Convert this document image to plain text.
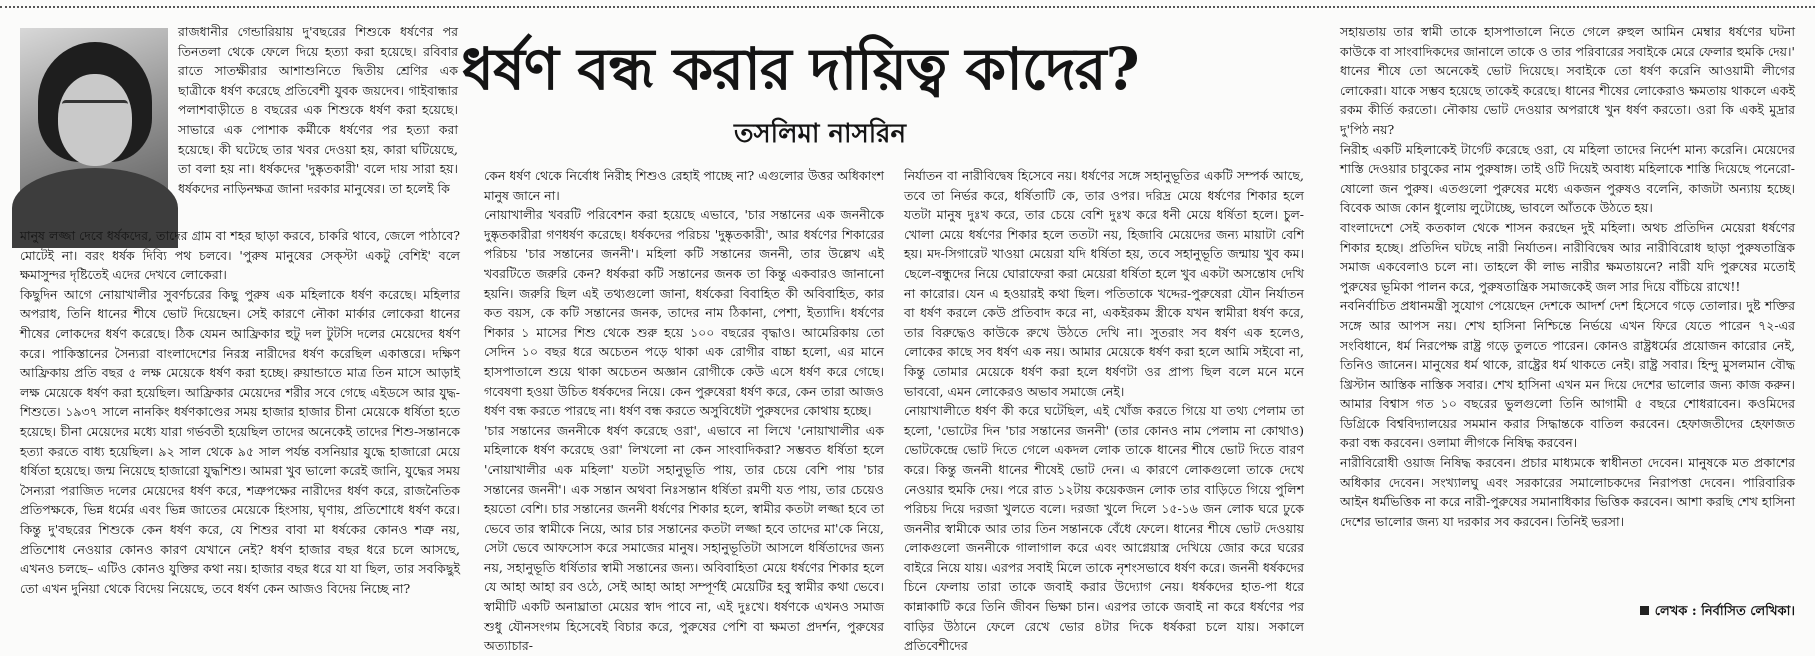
রাজধানীর গেন্ডারিয়ায় দু'বছরের শিশুকে ধর্ষণের পর তিনতলা থেকে ফেলে দিয়ে হত্যা করা হয়েছে। রবিবার রাতে সাতক্ষীরার আশাশুনিতে দ্বিতীয় শ্রেণির এক ছাত্রীকে ধর্ষণ করেছে প্রতিবেশী যুবক জয়দেব। গাইবান্ধার পলাশবাড়ীতে ৪ বছরের এক শিশুকে ধর্ষণ করা হয়েছে। সাভারে এক পোশাক কর্মীকে ধর্ষণের পর হত্যা করা হয়েছে। কী ঘটেছে তার খবর দেওয়া হয়, কারা ঘটিয়েছে, তা বলা হয় না। ধর্ষকদের 'দুষ্কৃতকারী' বলে দায় সারা হয়। ধর্ষকদের নাড়িনক্ষত্র জানা দরকার মানুষের। তা হলেই কি

মানুষ লজ্জা দেবে ধর্ষকদের, তাদের গ্রাম বা শহর ছাড়া করবে, চাকরি থাবে, জেলে পাঠাবে? মোটেই না। বরং ধর্ষক দিব্যি পথ চলবে। 'পুরুষ মানুষের সেক্স্টা একটু বেশিই' বলে ক্ষমাসুন্দর দৃষ্টিতেই এদের দেখবে লোকেরা।

কিছুদিন আগে নোয়াখালীর সুবর্ণচরের কিছু পুরুষ এক মহিলাকে ধর্ষণ করেছে। মহিলার অপরাধ, তিনি ধানের শীষে ভোট দিয়েছেন। সেই কারণে নৌকা মার্কার লোকেরা ধানের শীষের লোকদের ধর্ষণ করেছে। ঠিক যেমন আফ্রিকার হুটু দল টুটসি দলের মেয়েদের ধর্ষণ করে। পাকিস্তানের সৈন্যরা বাংলাদেশের নিরস্ত্র নারীদের ধর্ষণ করেছিল একাত্তরে। দক্ষিণ আফ্রিকায় প্রতি বছর ৫ লক্ষ মেয়েকে ধর্ষণ করা হচ্ছে। রুয়ান্ডাতে মাত্র তিন মাসে আড়াই লক্ষ মেয়েকে ধর্ষণ করা হয়েছিল। আফ্রিকার মেয়েদের শরীর সবে গেছে এইডসে আর যুদ্ধ-শিশুতে। ১৯৩৭ সালে নানকিং ধর্ষণকাণ্ডের সময় হাজার হাজার চীনা মেয়েকে ধর্ষিতা হতে হয়েছে। চীনা মেয়েদের মধ্যে যারা গর্ভবতী হয়েছিল তাদের অনেকেই তাদের শিশু-সন্তানকে হত্যা করতে বাধ্য হয়েছিল। ৯২ সাল থেকে ৯৫ সাল পর্যন্ত বসনিয়ার যুদ্ধে হাজারো মেয়ে ধর্ষিতা হয়েছে। জন্ম নিয়েছে হাজারো যুদ্ধশিশু। আমরা খুব ভালো করেই জানি, যুদ্ধের সময় সৈন্যরা পরাজিত দলের মেয়েদের ধর্ষণ করে, শত্রুপক্ষের নারীদের ধর্ষণ করে, রাজনৈতিক প্রতিপক্ষকে, ভিন্ন ধর্মের এবং ভিন্ন জাতের মেয়েকে হিংসায়, ঘৃণায়, প্রতিশোধে ধর্ষণ করে। কিন্তু দু'বছরের শিশুকে কেন ধর্ষণ করে, যে শিশুর বাবা মা ধর্ষকের কোনও শত্রু নয়, প্রতিশোধ নেওয়ার কোনও কারণ যেখানে নেই? ধর্ষণ হাজার বছর ধরে চলে আসছে, এখনও চলছে– এটিও কোনও যুক্তির কথা নয়। হাজার বছর ধরে যা যা ছিল, তার সবকিছুই তো এখন দুনিয়া থেকে বিদেয় নিয়েছে, তবে ধর্ষণ কেন আজও বিদেয় নিচ্ছে না?

ধর্ষণ বন্ধ করার দায়িত্ব কাদের?
তসলিমা নাসরিন

কেন ধর্ষণ থেকে নির্বোধ নিরীহ শিশুও রেহাই পাচ্ছে না? এগুলোর উত্তর অধিকাংশ মানুষ জানে না।

নোয়াখালীর খবরটি পরিবেশন করা হয়েছে এভাবে, 'চার সন্তানের এক জননীকে দুষ্কৃতকারীরা গণধর্ষণ করেছে। ধর্ষকদের পরিচয় 'দুষ্কৃতকারী', আর ধর্ষণের শিকারের পরিচয় 'চার সন্তানের জননী'। মহিলা কটি সন্তানের জননী, তার উল্লেখ এই খবরটিতে জরুরি কেন? ধর্ষকরা কটি সন্তানের জনক তা কিন্তু একবারও জানানো হয়নি। জরুরি ছিল এই তথ্যগুলো জানা, ধর্ষকেরা বিবাহিত কী অবিবাহিত, কার কত বয়স, কে কটি সন্তানের জনক, তাদের নাম ঠিকানা, পেশা, ইত্যাদি। ধর্ষণের শিকার ১ মাসের শিশু থেকে শুরু হয়ে ১০০ বছরের বৃদ্ধাও। আমেরিকায় তো সেদিন ১০ বছর ধরে অচেতন পড়ে থাকা এক রোগীর বাচ্চা হলো, এর মানে হাসপাতালে শুয়ে থাকা অচেতন অজ্ঞান রোগীকে কেউ এসে ধর্ষণ করে গেছে। গবেষণা হওয়া উচিত ধর্ষকদের নিয়ে। কেন পুরুষেরা ধর্ষণ করে, কেন তারা আজও ধর্ষণ বন্ধ করতে পারছে না। ধর্ষণ বন্ধ করতে অসুবিধেটা পুরুষদের কোথায় হচ্ছে।

'চার সন্তানের জননীকে ধর্ষণ করেছে ওরা', এভাবে না লিখে 'নোয়াখালীর এক মহিলাকে ধর্ষণ করেছে ওরা' লিখলো না কেন সাংবাদিকরা? সম্ভবত ধর্ষিতা হলে 'নোয়াখালীর এক মহিলা' যতটা সহানুভূতি পায়, তার চেয়ে বেশি পায় 'চার সন্তানের জননী'। এক সন্তান অথবা নিঃসন্তান ধর্ষিতা রমণী যত পায়, তার চেয়েও হয়তো বেশি। চার সন্তানের জননী ধর্ষণের শিকার হলে, স্বামীর কতটা লজ্জা হবে তা ভেবে তার স্বামীকে নিয়ে, আর চার সন্তানের কতটা লজ্জা হবে তাদের মা'কে নিয়ে, সেটা ভেবে আফসোস করে সমাজের মানুষ। সহানুভূতিটা আসলে ধর্ষিতাদের জন্য নয়, সহানুভূতি ধর্ষিতার স্বামী সন্তানের জন্য। অবিবাহিতা মেয়ে ধর্ষণের শিকার হলে যে আহা আহা রব ওঠে, সেই আহা আহা সম্পূর্ণই মেয়েটির হবু স্বামীর কথা ভেবে। স্বামীটি একটি অনাঘ্রাতা মেয়ের স্বাদ পাবে না, এই দুঃখে। ধর্ষণকে এখনও সমাজ শুধু যৌনসংগম হিসেবেই বিচার করে, পুরুষের পেশি বা ক্ষমতা প্রদর্শন, পুরুষের অত্যাচার-

নির্যাতন বা নারীবিদ্বেষ হিসেবে নয়। ধর্ষণের সঙ্গে সহানুভূতির একটি সম্পর্ক আছে, তবে তা নির্ভর করে, ধর্ষিতাটি কে, তার ওপর। দরিদ্র মেয়ে ধর্ষণের শিকার হলে যতটা মানুষ দুঃখ করে, তার চেয়ে বেশি দুঃখ করে ধনী মেয়ে ধর্ষিতা হলে। চুল-খোলা মেয়ে ধর্ষণের শিকার হলে ততটা নয়, হিজাবি মেয়েদের জন্য মায়াটা বেশি হয়। মদ-সিগারেট খাওয়া মেয়েরা যদি ধর্ষিতা হয়, তবে সহানুভূতি জন্মায় খুব কম। ছেলে-বন্ধুদের নিয়ে ঘোরাফেরা করা মেয়েরা ধর্ষিতা হলে খুব একটা অসন্তোষ দেখি না কারোর। যেন এ হওয়ারই কথা ছিল। পতিতাকে খদ্দের-পুরুষেরা যৌন নির্যাতন বা ধর্ষণ করলে কেউ প্রতিবাদ করে না, একইরকম স্ত্রীকে যখন স্বামীরা ধর্ষণ করে, তার বিরুদ্ধেও কাউকে রুখে উঠতে দেখি না। সুতরাং সব ধর্ষণ এক হলেও, লোকের কাছে সব ধর্ষণ এক নয়। আমার মেয়েকে ধর্ষণ করা হলে আমি সইবো না, কিন্তু তোমার মেয়েকে ধর্ষণ করা হলে ধর্ষণটা ওর প্রাপ্য ছিল বলে মনে মনে ভাববো, এমন লোকেরও অভাব সমাজে নেই।

নোয়াখালীতে ধর্ষণ কী করে ঘটেছিল, এই খোঁজ করতে গিয়ে যা তথ্য পেলাম তা হলো, 'ভোটের দিন 'চার সন্তানের জননী' (তার কোনও নাম পেলাম না কোথাও) ভোটকেন্দ্রে ভোট দিতে গেলে একদল লোক তাকে ধানের শীষে ভোট দিতে বারণ করে। কিন্তু জননী ধানের শীষেই ভোট দেন। এ কারণে লোকগুলো তাকে দেখে নেওয়ার হুমকি দেয়। পরে রাত ১২টায় কয়েকজন লোক তার বাড়িতে গিয়ে পুলিশ পরিচয় দিয়ে দরজা খুলতে বলে। দরজা খুলে দিলে ১৫-১৬ জন লোক ঘরে ঢুকে জননীর স্বামীকে আর তার তিন সন্তানকে বেঁধে ফেলে। ধানের শীষে ভোট দেওয়ায় লোকগুলো জননীকে গালাগাল করে এবং আগ্নেয়াস্ত্র দেখিয়ে জোর করে ঘরের বাইরে নিয়ে যায়। এরপর সবাই মিলে তাকে নৃশংসভাবে ধর্ষণ করে। জননী ধর্ষকদের চিনে ফেলায় তারা তাকে জবাই করার উদ্যোগ নেয়। ধর্ষকদের হাত-পা ধরে কান্নাকাটি করে তিনি জীবন ভিক্ষা চান। এরপর তাকে জবাই না করে ধর্ষণের পর বাড়ির উঠানে ফেলে রেখে ভোর ৪টার দিকে ধর্ষকরা চলে যায়। সকালে প্রতিবেশীদের

সহায়তায় তার স্বামী তাকে হাসপাতালে নিতে গেলে রুহুল আমিন মেম্বার ধর্ষণের ঘটনা কাউকে বা সাংবাদিকদের জানালে তাকে ও তার পরিবারের সবাইকে মেরে ফেলার হুমকি দেয়।'

ধানের শীষে তো অনেকেই ভোট দিয়েছে। সবাইকে তো ধর্ষণ করেনি আওয়ামী লীগের লোকেরা। যাকে সম্ভব হয়েছে তাকেই করেছে। ধানের শীষের লোকেরাও ক্ষমতায় থাকলে একই রকম কীর্তি করতো। নৌকায় ভোট দেওয়ার অপরাধে খুন ধর্ষণ করতো। ওরা কি একই মুদ্রার দু'পিঠ নয়?

নিরীহ একটি মহিলাকেই টার্গেট করেছে ওরা, যে মহিলা তাদের নির্দেশ মান্য করেনি। মেয়েদের শাস্তি দেওয়ার চাবুকের নাম পুরুষাঙ্গ। তাই ওটি দিয়েই অবাধ্য মহিলাকে শাস্তি দিয়েছে পনেরো-ষোলো জন পুরুষ। এতগুলো পুরুষের মধ্যে একজন পুরুষও বলেনি, কাজটা অন্যায় হচ্ছে। বিবেক আজ কোন ধুলোয় লুটোচ্ছে, ভাবলে আঁতকে উঠতে হয়।

বাংলাদেশে সেই কতকাল থেকে শাসন করছেন দুই মহিলা। অথচ প্রতিদিন মেয়েরা ধর্ষণের শিকার হচ্ছে। প্রতিদিন ঘটছে নারী নির্যাতন। নারীবিদ্বেষ আর নারীবিরোধ ছাড়া পুরুষতান্ত্রিক সমাজ একবেলাও চলে না। তাহলে কী লাভ নারীর ক্ষমতায়নে? নারী যদি পুরুষের মতোই পুরুষের ভূমিকা পালন করে, পুরুষতান্ত্রিক সমাজকেই জল সার দিয়ে বাঁচিয়ে রাখে!!

নবনির্বাচিত প্রধানমন্ত্রী সুযোগ পেয়েছেন দেশকে আদর্শ দেশ হিসেবে গড়ে তোলার। দুষ্ট শক্তির সঙ্গে আর আপস নয়। শেখ হাসিনা নিশ্চিন্তে নির্ভয়ে এখন ফিরে যেতে পারেন ৭২-এর সংবিধানে, ধর্ম নিরপেক্ষ রাষ্ট্র গড়ে তুলতে পারেন। কোনও রাষ্ট্রধর্মের প্রয়োজন কারোর নেই, তিনিও জানেন। মানুষের ধর্ম থাকে, রাষ্ট্রের ধর্ম থাকতে নেই। রাষ্ট্র সবার। হিন্দু মুসলমান বৌদ্ধ খ্রিস্টান আস্তিক নাস্তিক সবার। শেখ হাসিনা এখন মন দিয়ে দেশের ভালোর জন্য কাজ করুন। আমার বিশ্বাস গত ১০ বছরের ভুলগুলো তিনি আগামী ৫ বছরে শোধরাবেন। কওমিদের ডিগ্রিকে বিশ্ববিদ্যালয়ের সমমান করার সিদ্ধান্তকে বাতিল করবেন। হেফাজতীদের হেফাজত করা বন্ধ করবেন। ওলামা লীগকে নিষিদ্ধ করবেন।

নারীবিরোধী ওয়াজ নিষিদ্ধ করবেন। প্রচার মাধ্যমকে স্বাধীনতা দেবেন। মানুষকে মত প্রকাশের অধিকার দেবেন। সংখ্যালঘু এবং সরকারের সমালোচকদের নিরাপত্তা দেবেন। পারিবারিক আইন ধর্মভিত্তিক না করে নারী-পুরুষের সমানাধিকার ভিত্তিক করবেন। আশা করছি শেখ হাসিনা দেশের ভালোর জন্য যা দরকার সব করবেন। তিনিই ভরসা।

লেখক : নির্বাসিত লেখিকা।
